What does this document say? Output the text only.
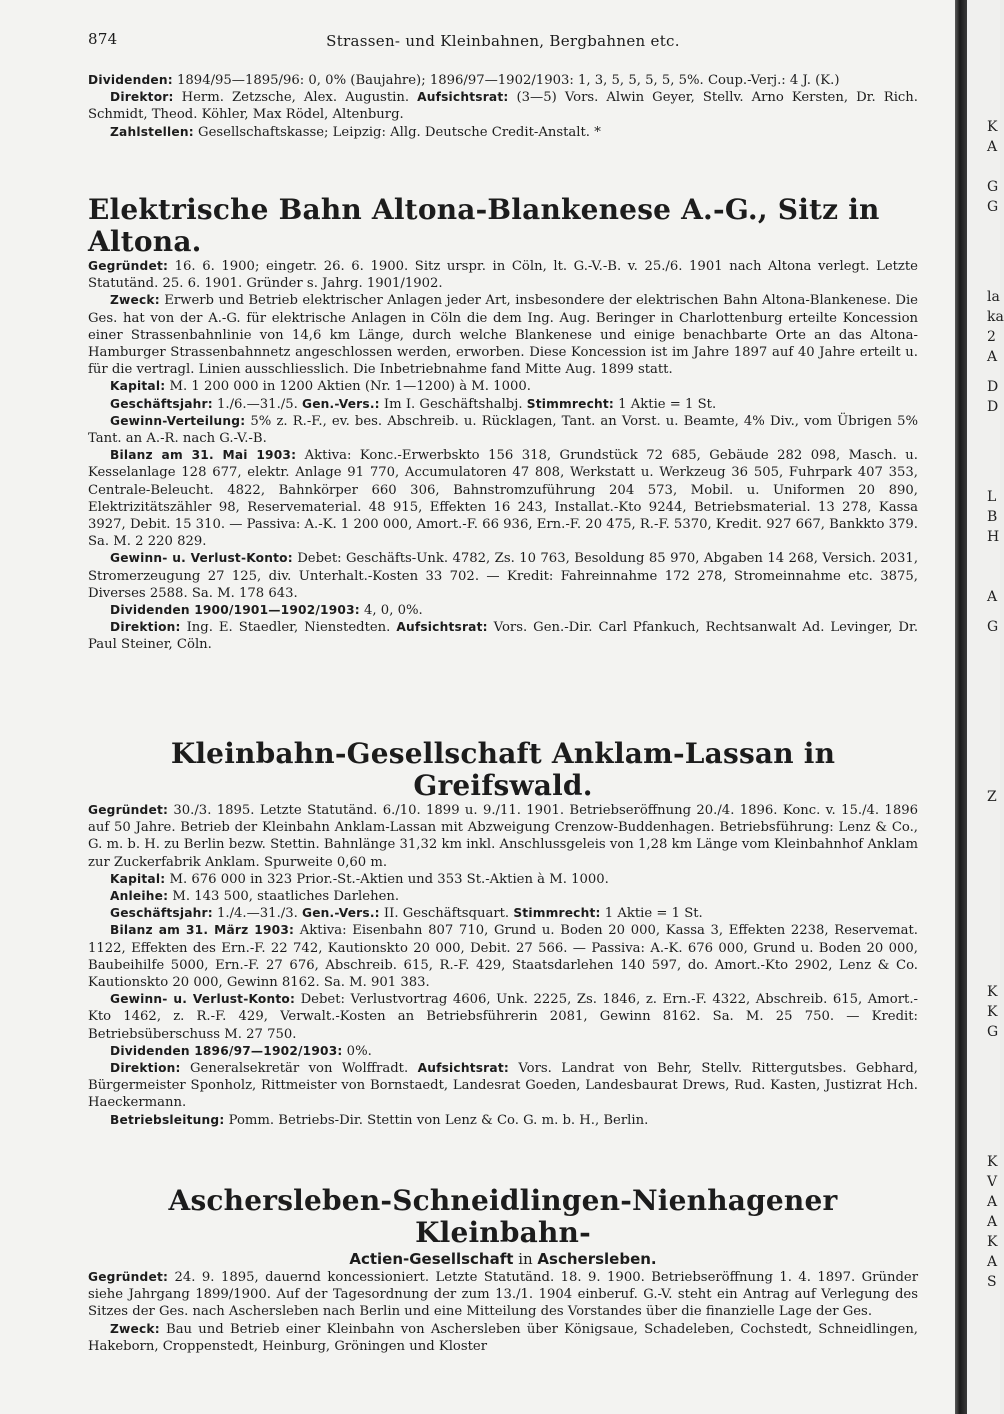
874	Strassen- und Kleinbahnen, Bergbahnen etc.

Dividenden: 1894/95—1895/96: 0, 0% (Baujahre); 1896/97—1902/1903: 1, 3, 5, 5, 5, 5, 5%. Coup.-Verj.: 4 J. (K.)

Direktor: Herm. Zetzsche, Alex. Augustin. Aufsichtsrat: (3—5) Vors. Alwin Geyer, Stellv. Arno Kersten, Dr. Rich. Schmidt, Theod. Köhler, Max Rödel, Altenburg.

Zahlstellen: Gesellschaftskasse; Leipzig: Allg. Deutsche Credit-Anstalt. *

Elektrische Bahn Altona-Blankenese A.-G., Sitz in Altona.

Gegründet: 16. 6. 1900; eingetr. 26. 6. 1900. Sitz urspr. in Cöln, lt. G.-V.-B. v. 25./6. 1901 nach Altona verlegt. Letzte Statutänd. 25. 6. 1901. Gründer s. Jahrg. 1901/1902.

Zweck: Erwerb und Betrieb elektrischer Anlagen jeder Art, insbesondere der elektrischen Bahn Altona-Blankenese. Die Ges. hat von der A.-G. für elektrische Anlagen in Cöln die dem Ing. Aug. Beringer in Charlottenburg erteilte Koncession einer Strassenbahnlinie von 14,6 km Länge, durch welche Blankenese und einige benachbarte Orte an das Altona-Hamburger Strassenbahnnetz angeschlossen werden, erworben. Diese Koncession ist im Jahre 1897 auf 40 Jahre erteilt u. für die vertragl. Linien ausschliesslich. Die Inbetriebnahme fand Mitte Aug. 1899 statt.

Kapital: M. 1 200 000 in 1200 Aktien (Nr. 1—1200) à M. 1000.

Geschäftsjahr: 1./6.—31./5. Gen.-Vers.: Im I. Geschäftshalbj. Stimmrecht: 1 Aktie = 1 St.

Gewinn-Verteilung: 5% z. R.-F., ev. bes. Abschreib. u. Rücklagen, Tant. an Vorst. u. Beamte, 4% Div., vom Übrigen 5% Tant. an A.-R. nach G.-V.-B.

Bilanz am 31. Mai 1903: Aktiva: Konc.-Erwerbskto 156 318, Grundstück 72 685, Gebäude 282 098, Masch. u. Kesselanlage 128 677, elektr. Anlage 91 770, Accumulatoren 47 808, Werkstatt u. Werkzeug 36 505, Fuhrpark 407 353, Centrale-Beleucht. 4822, Bahnkörper 660 306, Bahnstromzuführung 204 573, Mobil. u. Uniformen 20 890, Elektrizitätszähler 98, Reservematerial. 48 915, Effekten 16 243, Installat.-Kto 9244, Betriebsmaterial. 13 278, Kassa 3927, Debit. 15 310. — Passiva: A.-K. 1 200 000, Amort.-F. 66 936, Ern.-F. 20 475, R.-F. 5370, Kredit. 927 667, Bankkto 379. Sa. M. 2 220 829.

Gewinn- u. Verlust-Konto: Debet: Geschäfts-Unk. 4782, Zs. 10 763, Besoldung 85 970, Abgaben 14 268, Versich. 2031, Stromerzeugung 27 125, div. Unterhalt.-Kosten 33 702. — Kredit: Fahreinnahme 172 278, Stromeinnahme etc. 3875, Diverses 2588. Sa. M. 178 643.

Dividenden 1900/1901—1902/1903: 4, 0, 0%.

Direktion: Ing. E. Staedler, Nienstedten. Aufsichtsrat: Vors. Gen.-Dir. Carl Pfankuch, Rechtsanwalt Ad. Levinger, Dr. Paul Steiner, Cöln.

Kleinbahn-Gesellschaft Anklam-Lassan in Greifswald.

Gegründet: 30./3. 1895. Letzte Statutänd. 6./10. 1899 u. 9./11. 1901. Betriebseröffnung 20./4. 1896. Konc. v. 15./4. 1896 auf 50 Jahre. Betrieb der Kleinbahn Anklam-Lassan mit Abzweigung Crenzow-Buddenhagen. Betriebsführung: Lenz & Co., G. m. b. H. zu Berlin bezw. Stettin. Bahnlänge 31,32 km inkl. Anschlussgeleis von 1,28 km Länge vom Kleinbahnhof Anklam zur Zuckerfabrik Anklam. Spurweite 0,60 m.

Kapital: M. 676 000 in 323 Prior.-St.-Aktien und 353 St.-Aktien à M. 1000.

Anleihe: M. 143 500, staatliches Darlehen.

Geschäftsjahr: 1./4.—31./3. Gen.-Vers.: II. Geschäftsquart. Stimmrecht: 1 Aktie = 1 St.

Bilanz am 31. März 1903: Aktiva: Eisenbahn 807 710, Grund u. Boden 20 000, Kassa 3, Effekten 2238, Reservemat. 1122, Effekten des Ern.-F. 22 742, Kautionskto 20 000, Debit. 27 566. — Passiva: A.-K. 676 000, Grund u. Boden 20 000, Baubeihilfe 5000, Ern.-F. 27 676, Abschreib. 615, R.-F. 429, Staatsdarlehen 140 597, do. Amort.-Kto 2902, Lenz & Co. Kautionskto 20 000, Gewinn 8162. Sa. M. 901 383.

Gewinn- u. Verlust-Konto: Debet: Verlustvortrag 4606, Unk. 2225, Zs. 1846, z. Ern.-F. 4322, Abschreib. 615, Amort.-Kto 1462, z. R.-F. 429, Verwalt.-Kosten an Betriebsführerin 2081, Gewinn 8162. Sa. M. 25 750. — Kredit: Betriebsüberschuss M. 27 750.

Dividenden 1896/97—1902/1903: 0%.

Direktion: Generalsekretär von Wolffradt. Aufsichtsrat: Vors. Landrat von Behr, Stellv. Rittergutsbes. Gebhard, Bürgermeister Sponholz, Rittmeister von Bornstaedt, Landesrat Goeden, Landesbaurat Drews, Rud. Kasten, Justizrat Hch. Haeckermann.

Betriebsleitung: Pomm. Betriebs-Dir. Stettin von Lenz & Co. G. m. b. H., Berlin.

Aschersleben-Schneidlingen-Nienhagener Kleinbahn-
Actien-Gesellschaft in Aschersleben.

Gegründet: 24. 9. 1895, dauernd koncessioniert. Letzte Statutänd. 18. 9. 1900. Betriebseröffnung 1. 4. 1897. Gründer siehe Jahrgang 1899/1900. Auf der Tagesordnung der zum 13./1. 1904 einberuf. G.-V. steht ein Antrag auf Verlegung des Sitzes der Ges. nach Aschersleben nach Berlin und eine Mitteilung des Vorstandes über die finanzielle Lage der Ges.

Zweck: Bau und Betrieb einer Kleinbahn von Aschersleben über Königsaue, Schadeleben, Cochstedt, Schneidlingen, Hakeborn, Croppenstedt, Heinburg, Gröningen und Kloster

K
A
G
G
la
ka
2
A
D
D
L
B
H
A
G
Z
K
K
G
K
V
A
A
K
A
S
